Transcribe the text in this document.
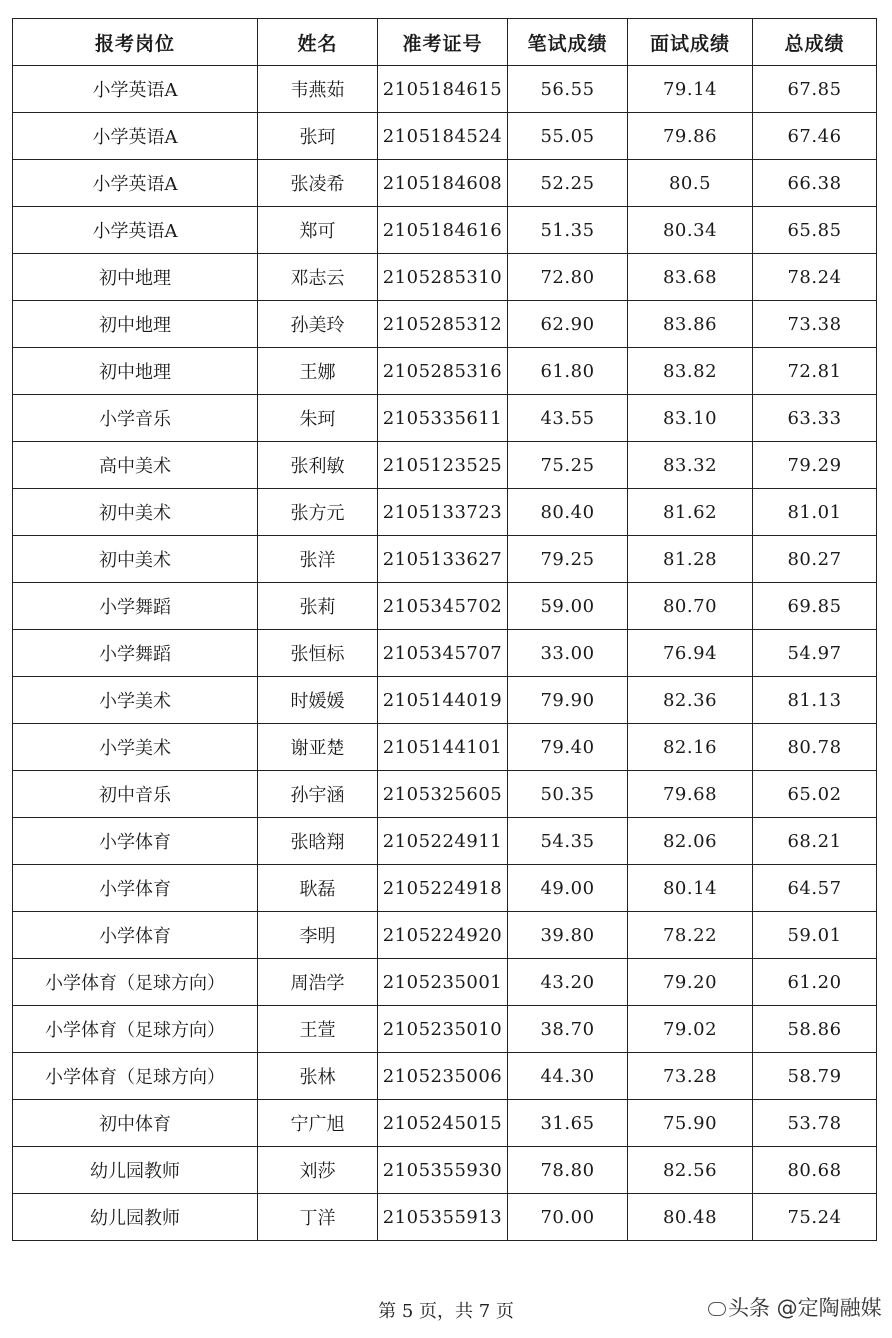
报考岗位	姓名	准考证号	笔试成绩	面试成绩	总成绩
小学英语A	韦燕茹	2105184615	56.55	79.14	67.85
小学英语A	张珂	2105184524	55.05	79.86	67.46
小学英语A	张凌希	2105184608	52.25	80.5	66.38
小学英语A	郑可	2105184616	51.35	80.34	65.85
初中地理	邓志云	2105285310	72.80	83.68	78.24
初中地理	孙美玲	2105285312	62.90	83.86	73.38
初中地理	王娜	2105285316	61.80	83.82	72.81
小学音乐	朱珂	2105335611	43.55	83.10	63.33
高中美术	张利敏	2105123525	75.25	83.32	79.29
初中美术	张方元	2105133723	80.40	81.62	81.01
初中美术	张洋	2105133627	79.25	81.28	80.27
小学舞蹈	张莉	2105345702	59.00	80.70	69.85
小学舞蹈	张恒标	2105345707	33.00	76.94	54.97
小学美术	时媛媛	2105144019	79.90	82.36	81.13
小学美术	谢亚楚	2105144101	79.40	82.16	80.78
初中音乐	孙宇涵	2105325605	50.35	79.68	65.02
小学体育	张晗翔	2105224911	54.35	82.06	68.21
小学体育	耿磊	2105224918	49.00	80.14	64.57
小学体育	李明	2105224920	39.80	78.22	59.01
小学体育（足球方向）	周浩学	2105235001	43.20	79.20	61.20
小学体育（足球方向）	王萱	2105235010	38.70	79.02	58.86
小学体育（足球方向）	张林	2105235006	44.30	73.28	58.79
初中体育	宁广旭	2105245015	31.65	75.90	53.78
幼儿园教师	刘莎	2105355930	78.80	82.56	80.68
幼儿园教师	丁洋	2105355913	70.00	80.48	75.24
第 5 页，共 7 页	头条 @定陶融媒
